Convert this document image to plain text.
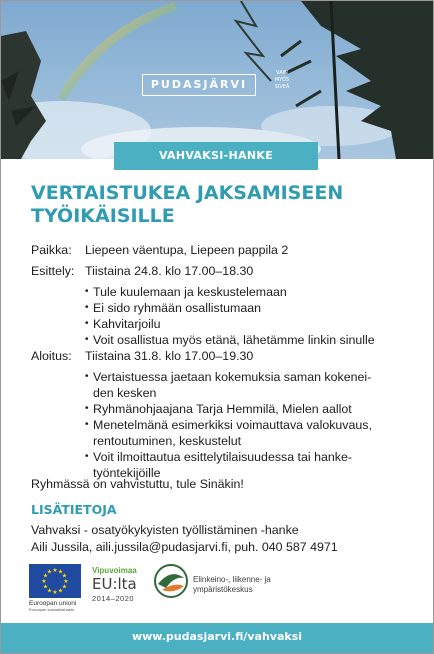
PUDASJÄRVI
VAIN MYÖS SIVEÄ
VAHVAKSI-HANKE
VERTAISTUKEA JAKSAMISEEN
TYÖIKÄISILLE
Paikka: Liepeen väentupa, Liepeen pappila 2
Esittely: Tiistaina 24.8. klo 17.00–18.30
• Tule kuulemaan ja keskustelemaan
• Ei sido ryhmään osallistumaan
• Kahvitarjoilu
• Voit osallistua myös etänä, lähetämme linkin sinulle
Aloitus: Tiistaina 31.8. klo 17.00–19.30
• Vertaistuessa jaetaan kokemuksia saman kokenei-
den kesken
• Ryhmänohjaajana Tarja Hemmilä, Mielen aallot
• Menetelmänä esimerkiksi voimauttava valokuvaus,
rentoutuminen, keskustelut
• Voit ilmoittautua esittelytilaisuudessa tai hanke-
työntekijöille
Ryhmässä on vahvistuttu, tule Sinäkin!
LISÄTIETOJA
Vahvaksi - osatyökykyisten työllistäminen -hanke
Aili Jussila, aili.jussila@pudasjarvi.fi, puh. 040 587 4971
★ ★
★
★
★
★
★
★
★
★
★
★
Euroopan unioni
Euroopan sosiaalirahasto
Vipuvoimaa
EU:lta
2014–2020
Elinkeino-, liikenne- ja
ympäristökeskus
www.pudasjarvi.fi/vahvaksi
